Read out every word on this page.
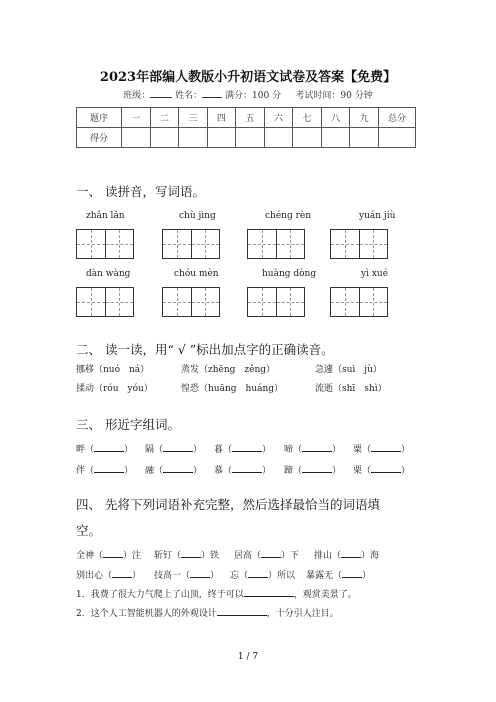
2023年部编人教版小升初语文试卷及答案【免费】
班级：	姓名：	满分：100 分 考试时间：90 分钟
题序	一	二	三	四	五	六	七	八	九	总分
得分										
一、 读拼音，写词语。
zhǎn lǎn	chù jìng	chéng rèn	yuán jiù
dàn wàng	chóu mèn	huàng dòng	yì xué
二、 读一读，用“ √ ”标出加点字的正确读音。
挪移（nuó　ná）	蒸发（zhēng　zěng）	急遽（suì　jù）
揉动（róu　yóu）	惶恐（huāng　huáng）	流逝（shī　shì）
三、 形近字组词。
畔（	） 隔（	） 暮（	） 啼（	） 粟（	）
伴（	） 融（	） 慕（	） 蹄（	） 栗（	）
四、 先将下列词语补充完整，然后选择最恰当的词语填
空。
全神（ ）注 斩钉（ ）铁 居高（ ）下 排山（ ）海
别出心（ ） 技高一（ ） 忘（ ）所以 暴露无（ ）
1．我费了很大力气爬上了山顶，终于可以	，观赏美景了。
2．这个人工智能机器人的外观设计	，十分引人注目。
1 / 7
